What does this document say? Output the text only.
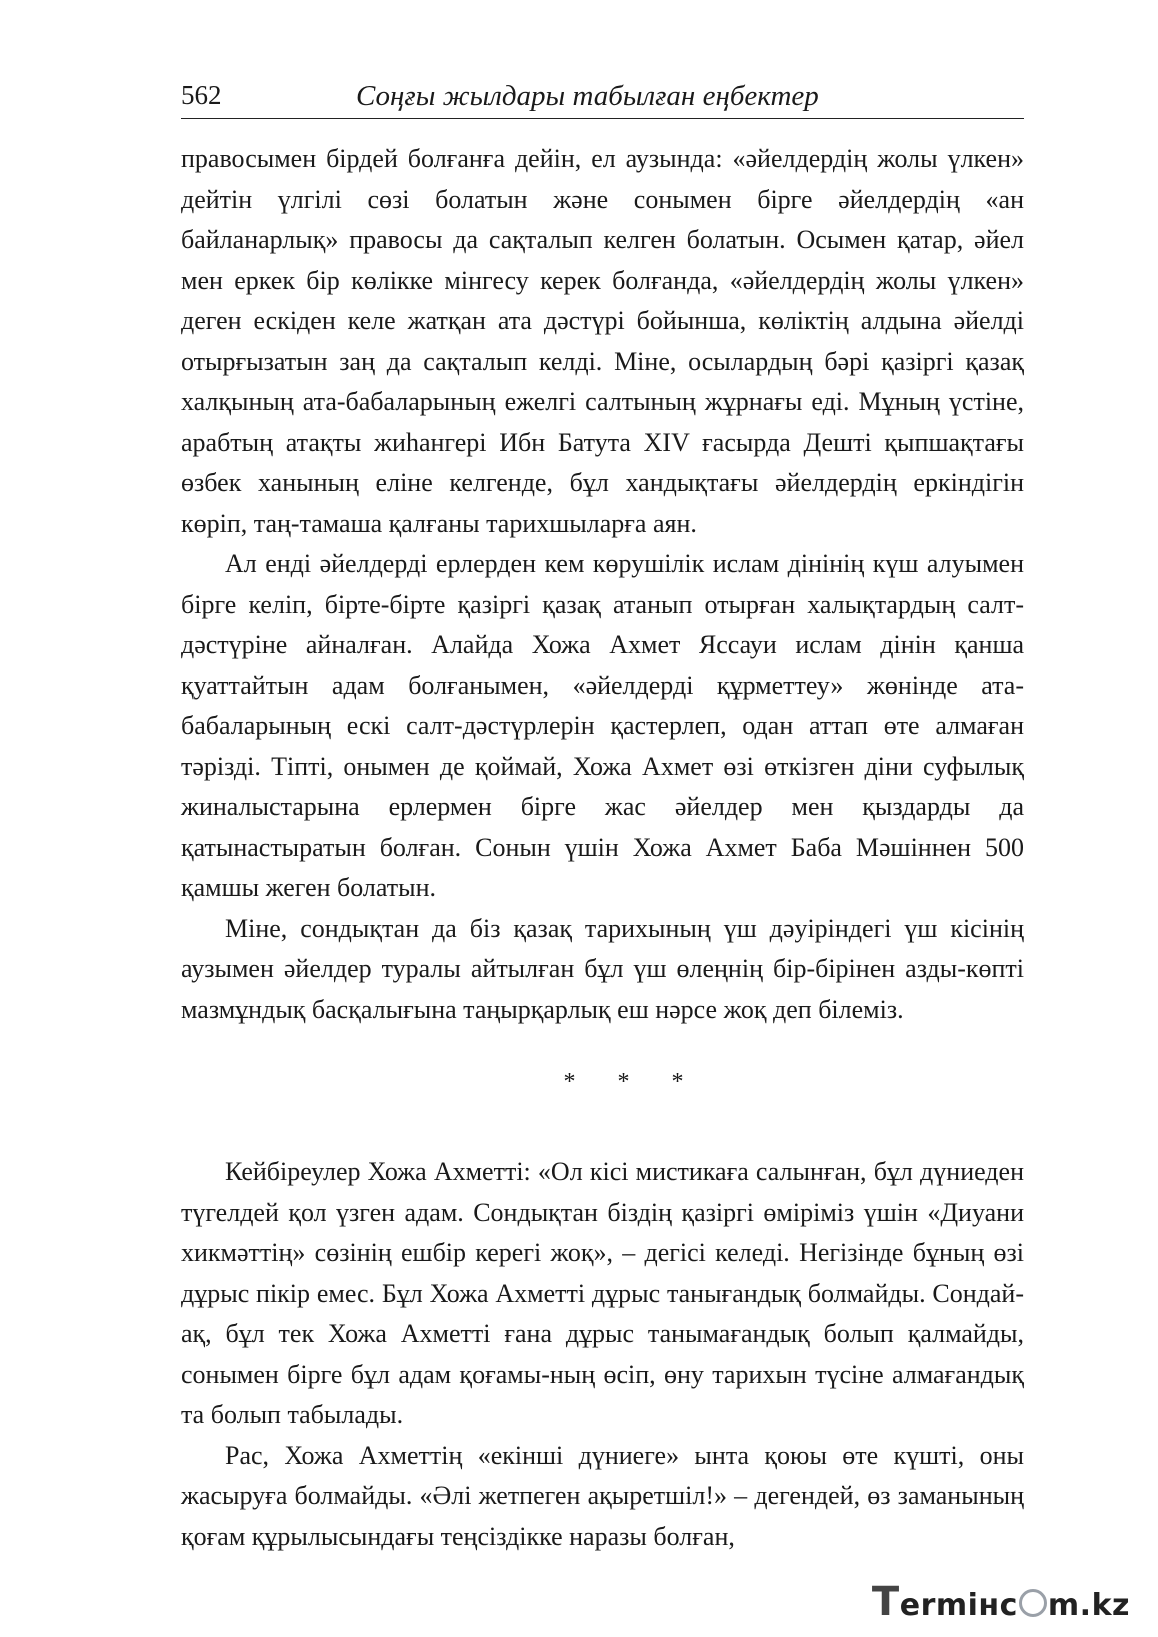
562	Соңғы жылдары табылған еңбектер

правосымен бірдей болғанға дейін, ел аузында: «әйелдердің жолы үлкен» дейтін үлгілі сөзі болатын және сонымен бірге әйелдердің «ан байланарлық» правосы да сақталып келген болатын. Осымен қатар, әйел мен еркек бір көлікке мінгесу керек болғанда, «әйелдердің жолы үлкен» деген ескіден келе жатқан ата дәстүрі бойынша, көліктің алдына әйелді отырғызатын заң да сақталып келді. Міне, осылардың бәрі қазіргі қазақ халқының ата-бабаларының ежелгі салтының жұрнағы еді. Мұның үстіне, арабтың атақты жиһангері Ибн Батута XIV ғасырда Дешті қыпшақтағы өзбек ханының еліне келгенде, бұл хандықтағы әйелдердің еркіндігін көріп, таң-тамаша қалғаны тарихшыларға аян.

Ал енді әйелдерді ерлерден кем көрушілік ислам дінінің күш алуымен бірге келіп, бірте-бірте қазіргі қазақ атанып отырған халықтардың салт-дәстүріне айналған. Алайда Хожа Ахмет Яссауи ислам дінін қанша қуаттайтын адам болғанымен, «әйелдерді құрметтеу» жөнінде ата-бабаларының ескі салт-дәстүрлерін қастерлеп, одан аттап өте алмаған тәрізді. Тіпті, онымен де қоймай, Хожа Ахмет өзі өткізген діни суфылық жиналыстарына ерлермен бірге жас әйелдер мен қыздарды да қатынастыратын болған. Сонын үшін Хожа Ахмет Баба Мәшіннен 500 қамшы жеген болатын.

Міне, сондықтан да біз қазақ тарихының үш дәуіріндегі үш кісінің аузымен әйелдер туралы айтылған бұл үш өлеңнің бір-бірінен азды-көпті мазмұндық басқалығына таңырқарлық еш нәрсе жоқ деп білеміз.

* * *

Кейбіреулер Хожа Ахметті: «Ол кісі мистикаға салынған, бұл дүниеден түгелдей қол үзген адам. Сондықтан біздің қазіргі өміріміз үшін «Диуани хикмәттің» сөзінің ешбір керегі жоқ», – дегісі келеді. Негізінде бұның өзі дұрыс пікір емес. Бұл Хожа Ахметті дұрыс танығандық болмайды. Сондай-ақ, бұл тек Хожа Ахметті ғана дұрыс танымағандық болып қалмайды, сонымен бірге бұл адам қоғамы-ның өсіп, өну тарихын түсіне алмағандық та болып табылады.

Рас, Хожа Ахметтің «екінші дүниеге» ынта қоюы өте күшті, оны жасыруға болмайды. «Әлі жетпеген ақыретшіл!» – дегендей, өз заманының қоғам құрылысындағы теңсіздікке наразы болған,

T ermінc m.kz
